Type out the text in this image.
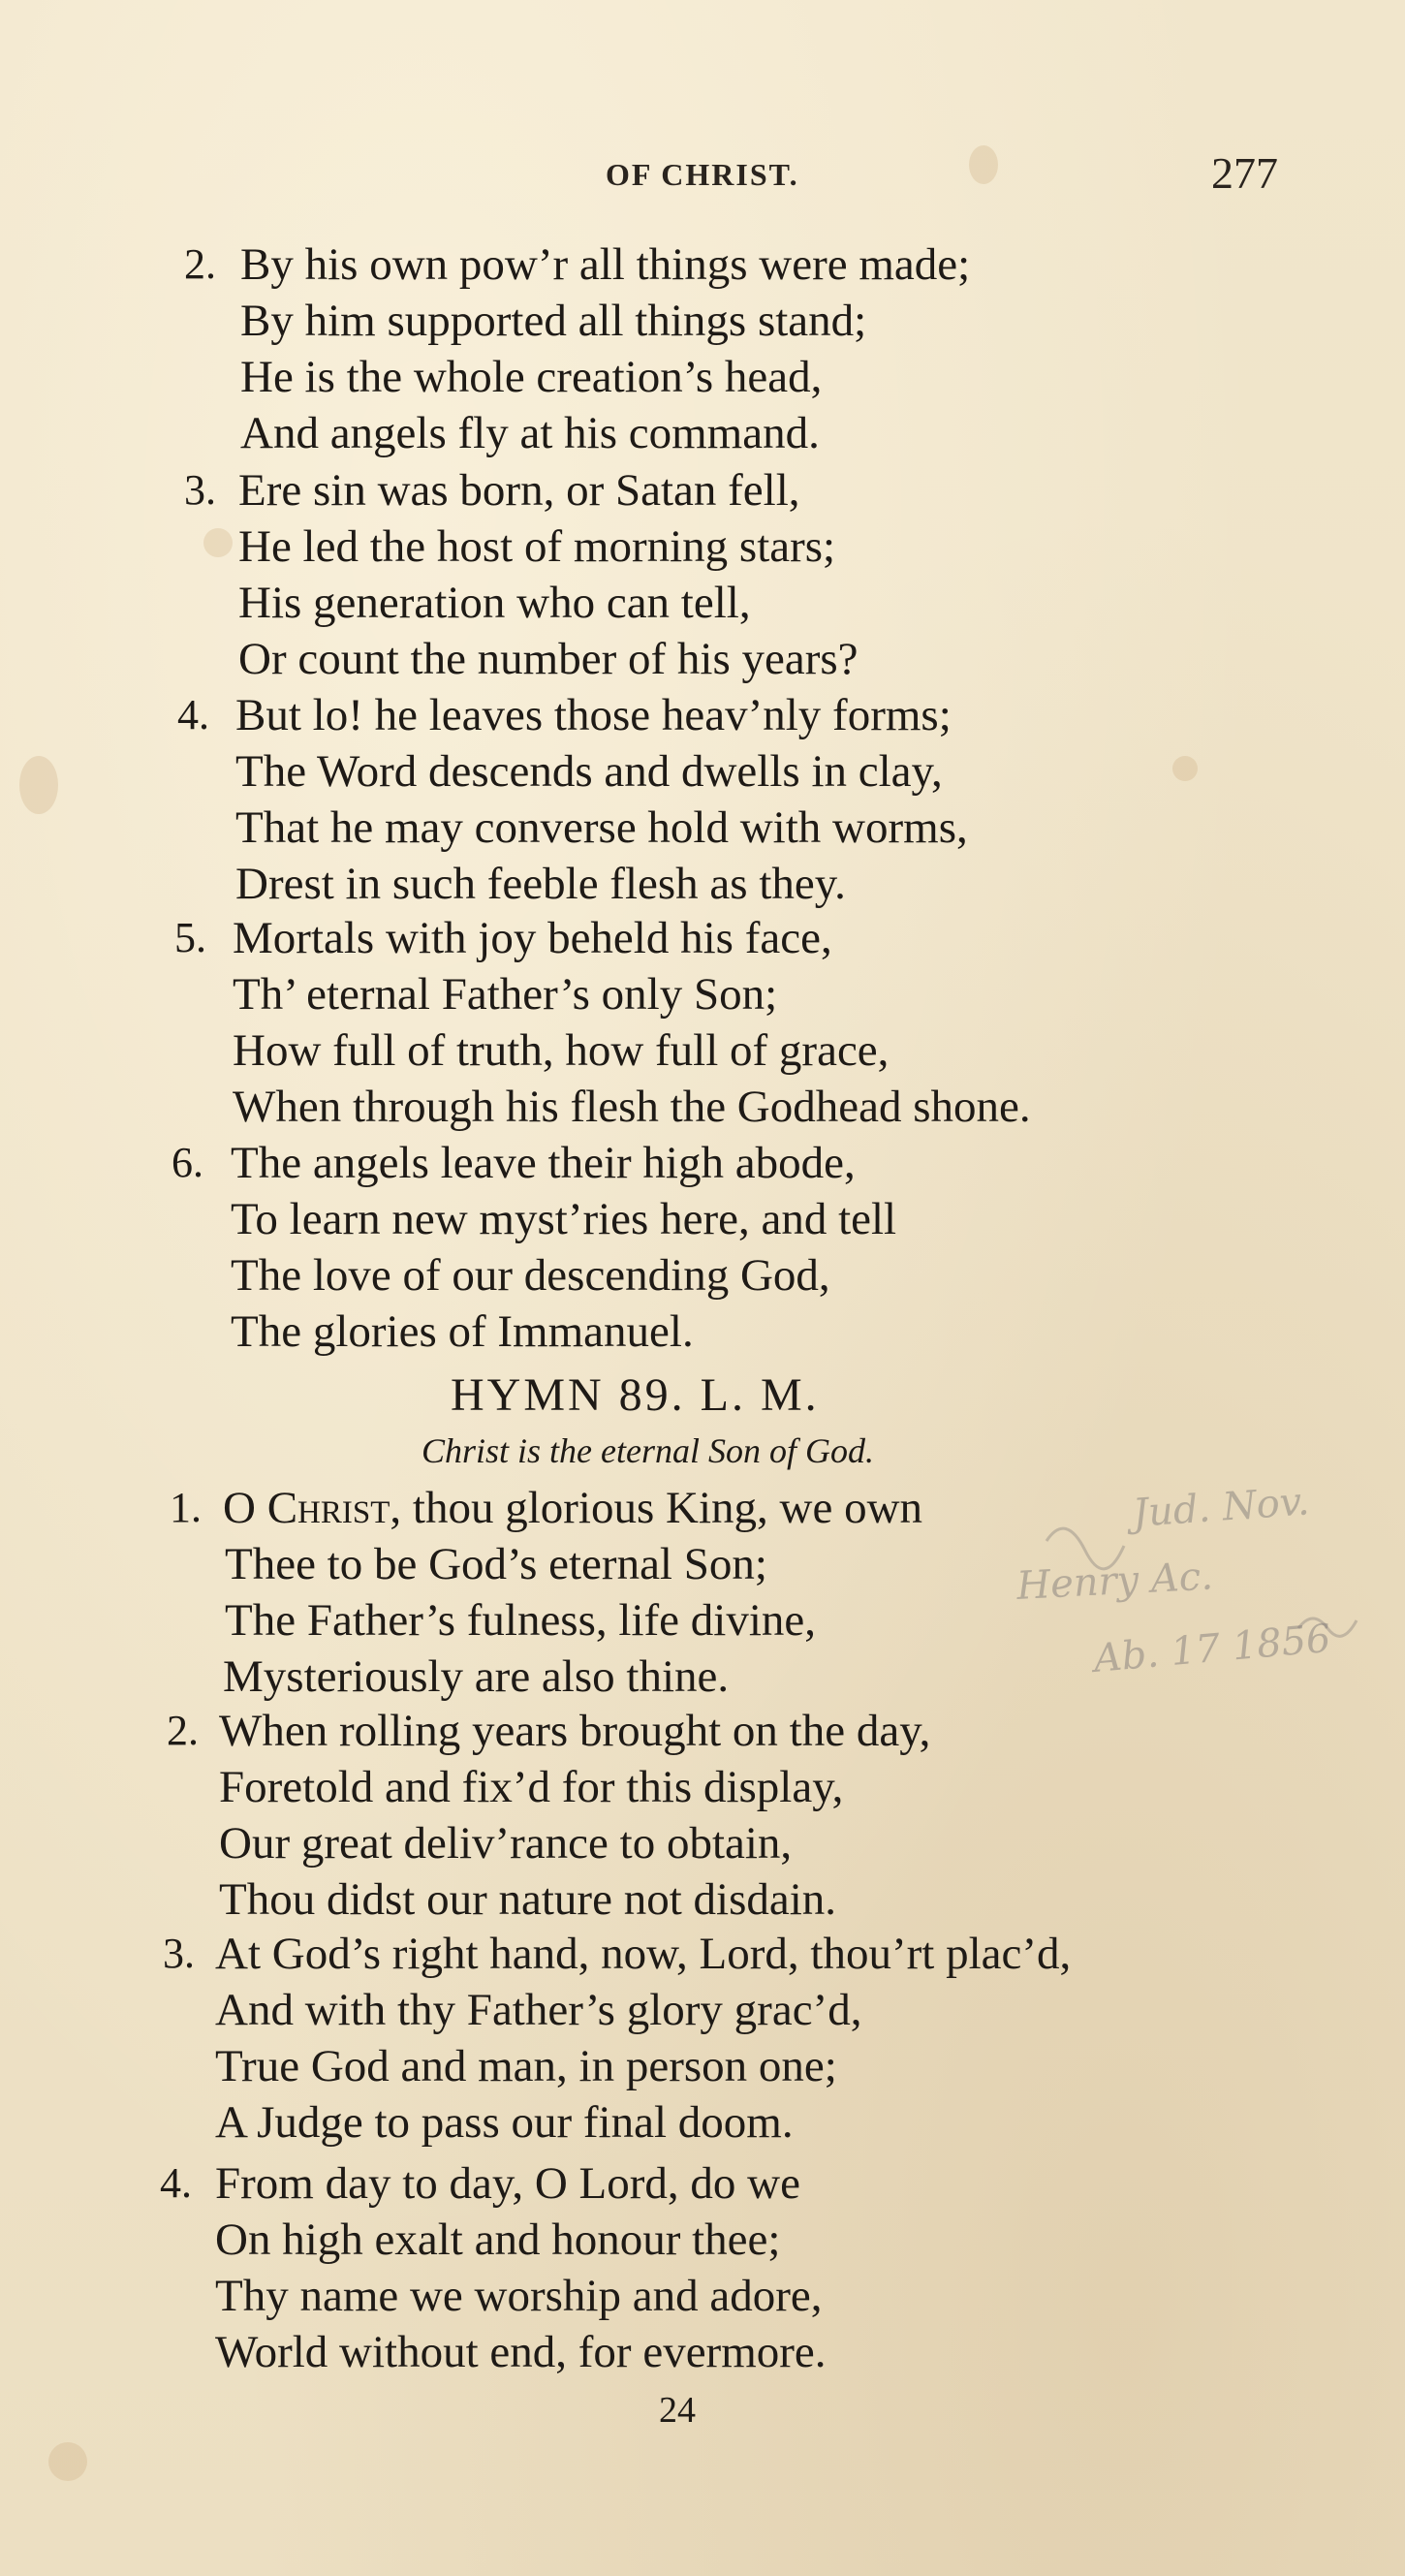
OF CHRIST.	277
2. By his own pow’r all things were made;
By him supported all things stand;
He is the whole creation’s head,
And angels fly at his command.
3. Ere sin was born, or Satan fell,
He led the host of morning stars;
His generation who can tell,
Or count the number of his years?
4. But lo! he leaves those heav’nly forms;
The Word descends and dwells in clay,
That he may converse hold with worms,
Drest in such feeble flesh as they.
5. Mortals with joy beheld his face,
Th’ eternal Father’s only Son;
How full of truth, how full of grace,
When through his flesh the Godhead shone.
6. The angels leave their high abode,
To learn new myst’ries here, and tell
The love of our descending God,
The glories of Immanuel.
HYMN 89. L. M.
Christ is the eternal Son of God.
1. O Christ, thou glorious King, we own
Thee to be God’s eternal Son;
The Father’s fulness, life divine,
Mysteriously are also thine.
2. When rolling years brought on the day,
Foretold and fix’d for this display,
Our great deliv’rance to obtain,
Thou didst our nature not disdain.
3. At God’s right hand, now, Lord, thou’rt plac’d,
And with thy Father’s glory grac’d,
True God and man, in person one;
A Judge to pass our final doom.
4. From day to day, O Lord, do we
On high exalt and honour thee;
Thy name we worship and adore,
World without end, for evermore.
Jud. Nov.
Henry Ac.
Ab. 17 1856
24
